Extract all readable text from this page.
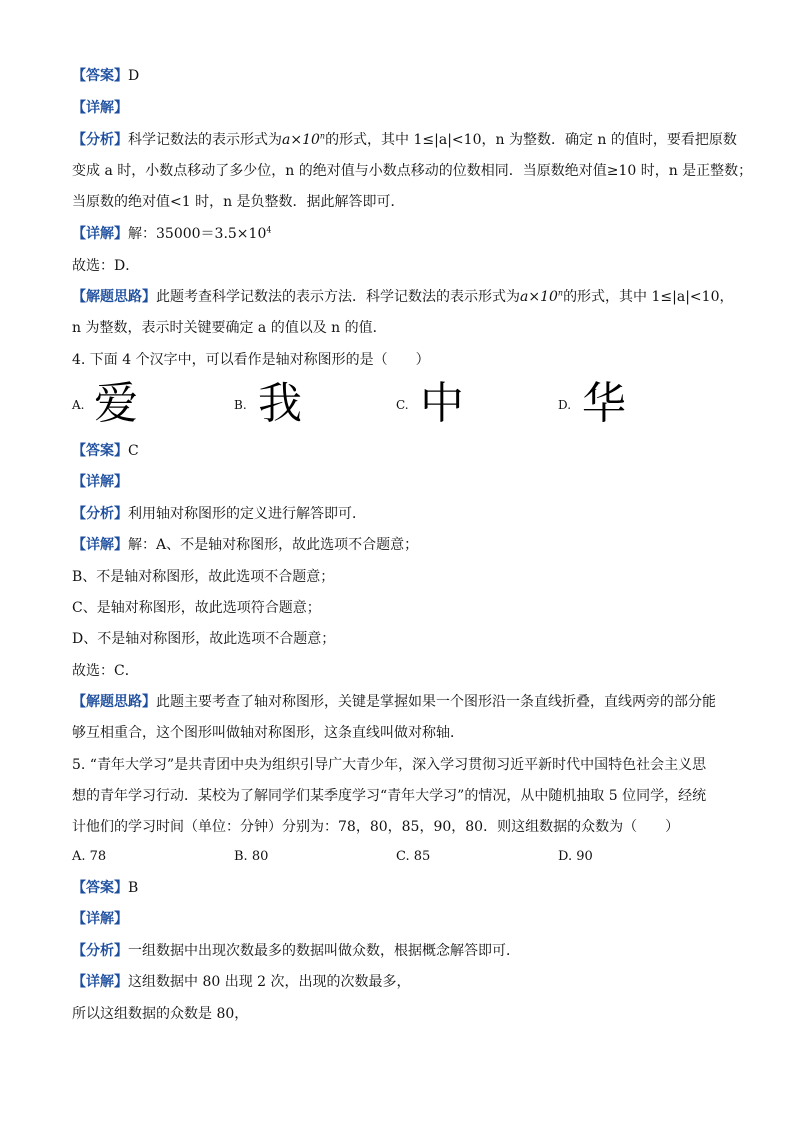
【答案】D
【详解】
【分析】科学记数法的表示形式为$a\times 10^n$的形式，其中 1≤|a|<10，n 为整数．确定 n 的值时，要看把原数
变成 a 时，小数点移动了多少位，n 的绝对值与小数点移动的位数相同．当原数绝对值≥10 时，n 是正整数；
当原数的绝对值<1 时，n 是负整数．据此解答即可．
【详解】解：$35000=3.5\times 10^4$
故选：D．
【解题思路】此题考查科学记数法的表示方法．科学记数法的表示形式为$a\times 10^n$的形式，其中 1≤|a|<10，
n 为整数，表示时关键要确定 a 的值以及 n 的值．
4. 下面 4 个汉字中，可以看作是轴对称图形的是（　　）
A. 爱	B. 我	C. 中	D. 华
【答案】C
【详解】
【分析】利用轴对称图形的定义进行解答即可．
【详解】解：A、不是轴对称图形，故此选项不合题意；
B、不是轴对称图形，故此选项不合题意；
C、是轴对称图形，故此选项符合题意；
D、不是轴对称图形，故此选项不合题意；
故选：C．
【解题思路】此题主要考查了轴对称图形，关键是掌握如果一个图形沿一条直线折叠，直线两旁的部分能
够互相重合，这个图形叫做轴对称图形，这条直线叫做对称轴．
5. “青年大学习”是共青团中央为组织引导广大青少年，深入学习贯彻习近平新时代中国特色社会主义思
想的青年学习行动．某校为了解同学们某季度学习“青年大学习”的情况，从中随机抽取 5 位同学，经统
计他们的学习时间（单位：分钟）分别为：78，80，85，90，80．则这组数据的众数为（　　）
A. 78	B. 80	C. 85	D. 90
【答案】B
【详解】
【分析】一组数据中出现次数最多的数据叫做众数，根据概念解答即可．
【详解】这组数据中 80 出现 2 次，出现的次数最多，
所以这组数据的众数是 80，
